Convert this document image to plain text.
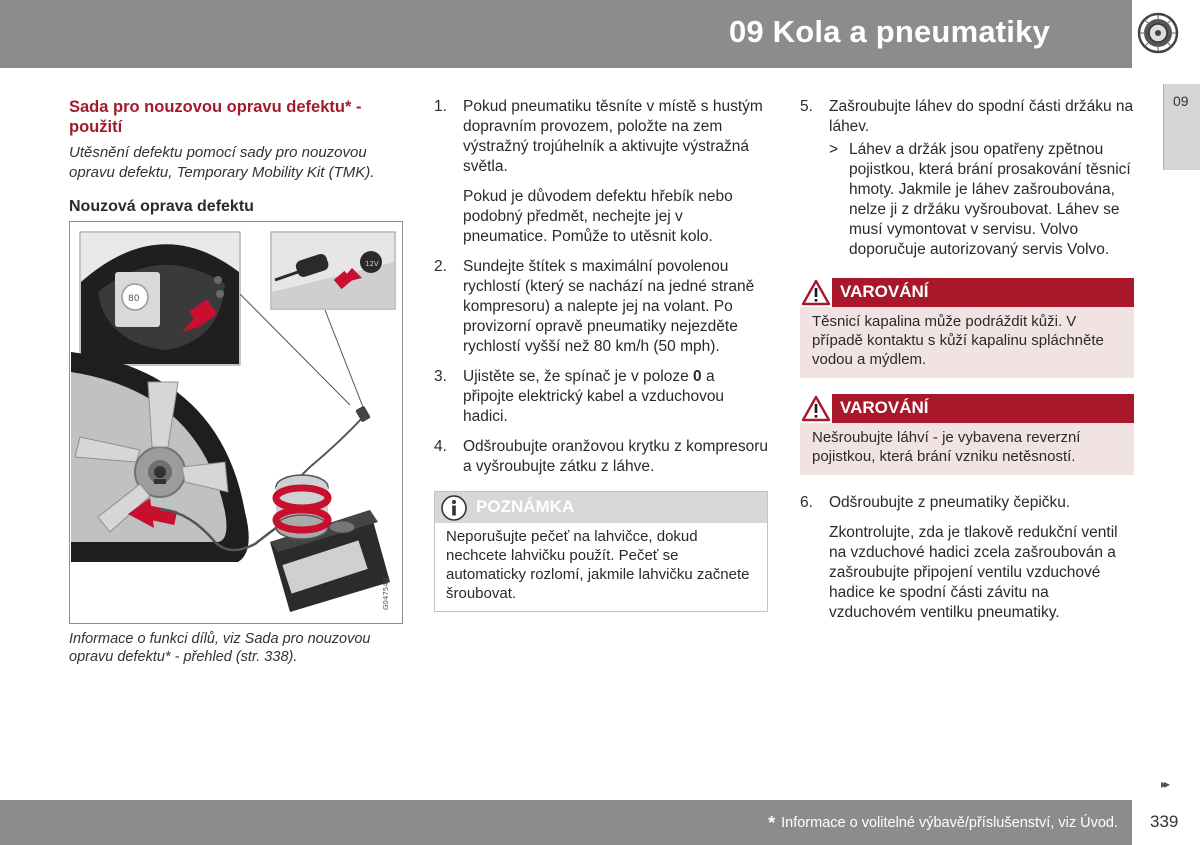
09 Kola a pneumatiky
09
Sada pro nouzovou opravu defektu* - použití
Utěsnění defektu pomocí sady pro nouzovou opravu defektu, Temporary Mobility Kit (TMK).
Nouzová oprava defektu
80
12V
G047540
Informace o funkci dílů, viz Sada pro nouzovou opravu defektu* - přehled (str. 338).
1. Pokud pneumatiku těsníte v místě s hustým dopravním provozem, položte na zem výstražný trojúhelník a aktivujte výstražná světla.

Pokud je důvodem defektu hřebík nebo podobný předmět, nechejte jej v pneumatice. Pomůže to utěsnit kolo.

2. Sundejte štítek s maximální povolenou rychlostí (který se nachází na jedné straně kompresoru) a nalepte jej na volant. Po provizorní opravě pneumatiky nejezděte rychlostí vyšší než 80 km/h (50 mph).

3. Ujistěte se, že spínač je v poloze 0 a připojte elektrický kabel a vzduchovou hadici.

4. Odšroubujte oranžovou krytku z kompresoru a vyšroubujte zátku z láhve.

POZNÁMKA
Neporušujte pečeť na lahvičce, dokud nechcete lahvičku použít. Pečeť se automaticky rozlomí, jakmile lahvičku začnete šroubovat.
5. Zašroubujte láhev do spodní části držáku na láhev.

> Láhev a držák jsou opatřeny zpětnou pojistkou, která brání prosakování těsnicí hmoty. Jakmile je láhev zašroubována, nelze ji z držáku vyšroubovat. Láhev se musí vymontovat v servisu. Volvo doporučuje autorizovaný servis Volvo.
VAROVÁNÍ
Těsnicí kapalina může podráždit kůži. V případě kontaktu s kůží kapalinu spláchněte vodou a mýdlem.
VAROVÁNÍ
Nešroubujte láhví - je vybavena reverzní pojistkou, která brání vzniku netěsností.
6. Odšroubujte z pneumatiky čepičku.

Zkontrolujte, zda je tlakově redukční ventil na vzduchové hadici zcela zašroubován a zašroubujte připojení ventilu vzduchové hadice ke spodní části závitu na vzduchovém ventilku pneumatiky.

▸▸
* Informace o volitelné výbavě/příslušenství, viz Úvod. 339
